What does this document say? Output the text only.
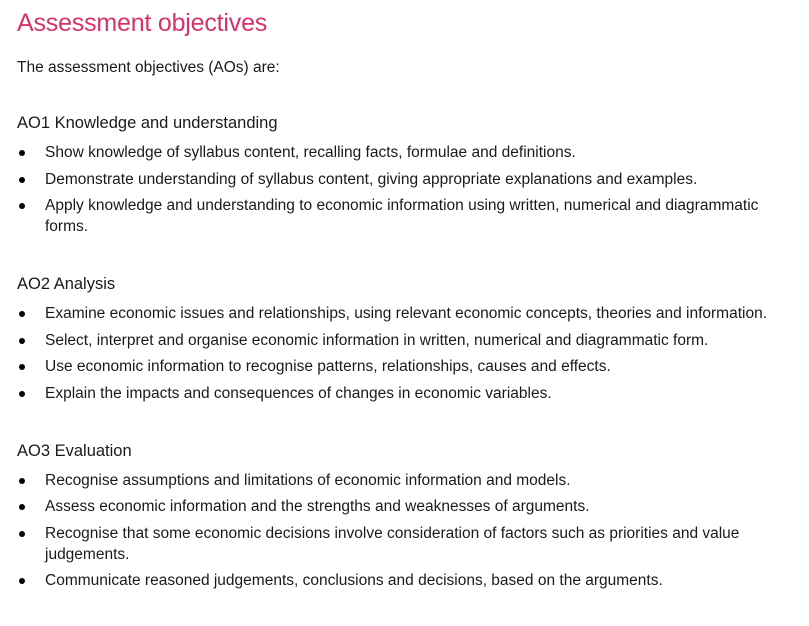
Assessment objectives

The assessment objectives (AOs) are:

AO1 Knowledge and understanding
Show knowledge of syllabus content, recalling facts, formulae and definitions.
Demonstrate understanding of syllabus content, giving appropriate explanations and examples.
Apply knowledge and understanding to economic information using written, numerical and diagrammatic forms.
AO2 Analysis
Examine economic issues and relationships, using relevant economic concepts, theories and information.
Select, interpret and organise economic information in written, numerical and diagrammatic form.
Use economic information to recognise patterns, relationships, causes and effects.
Explain the impacts and consequences of changes in economic variables.
AO3 Evaluation
Recognise assumptions and limitations of economic information and models.
Assess economic information and the strengths and weaknesses of arguments.
Recognise that some economic decisions involve consideration of factors such as priorities and value judgements.
Communicate reasoned judgements, conclusions and decisions, based on the arguments.
